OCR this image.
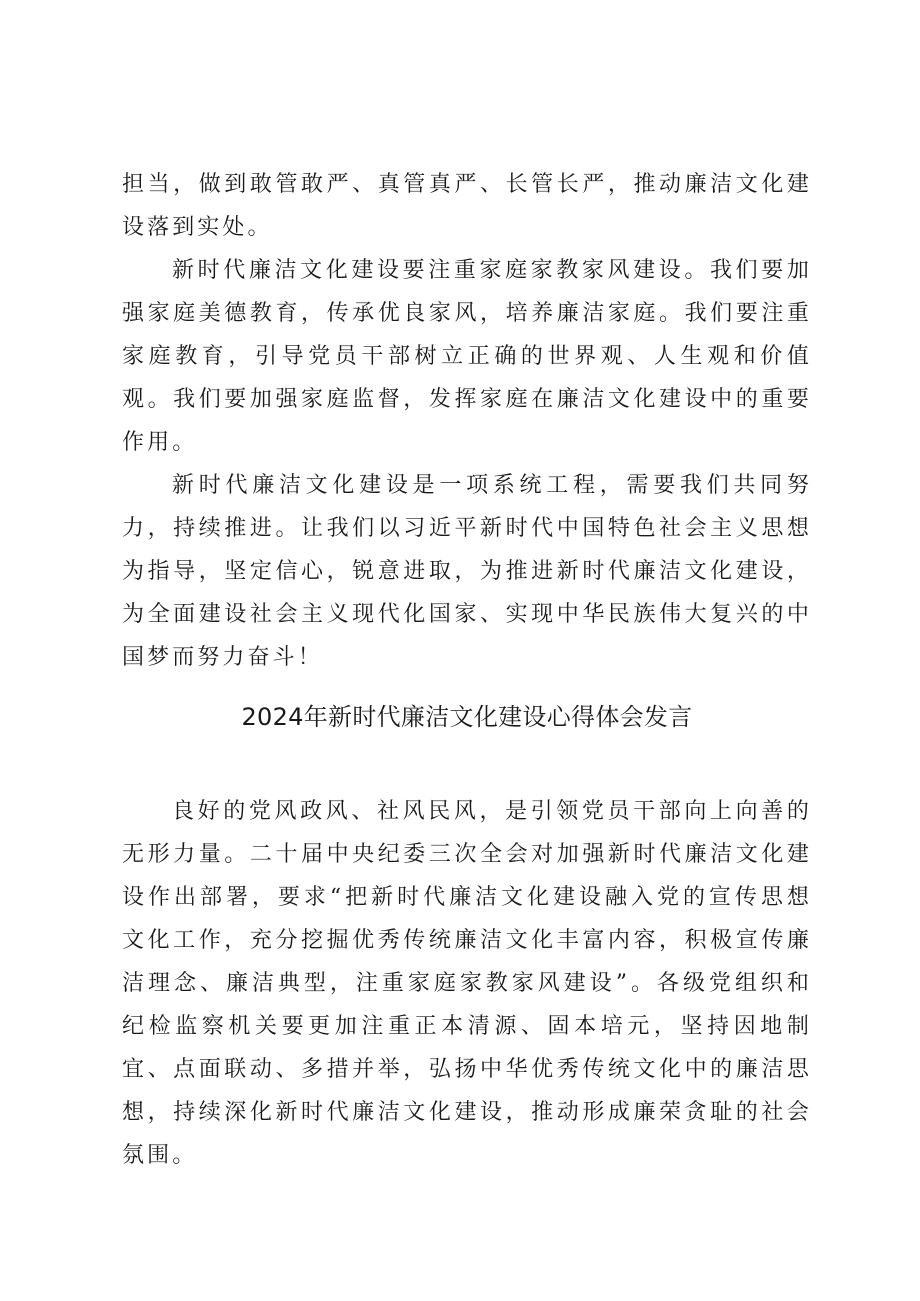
担当，做到敢管敢严、真管真严、长管长严，推动廉洁文化建设落到实处。

新时代廉洁文化建设要注重家庭家教家风建设。我们要加强家庭美德教育，传承优良家风，培养廉洁家庭。我们要注重家庭教育，引导党员干部树立正确的世界观、人生观和价值观。我们要加强家庭监督，发挥家庭在廉洁文化建设中的重要作用。

新时代廉洁文化建设是一项系统工程，需要我们共同努力，持续推进。让我们以习近平新时代中国特色社会主义思想为指导，坚定信心，锐意进取，为推进新时代廉洁文化建设，为全面建设社会主义现代化国家、实现中华民族伟大复兴的中国梦而努力奋斗！

2024年新时代廉洁文化建设心得体会发言

良好的党风政风、社风民风，是引领党员干部向上向善的无形力量。二十届中央纪委三次全会对加强新时代廉洁文化建设作出部署，要求“把新时代廉洁文化建设融入党的宣传思想文化工作，充分挖掘优秀传统廉洁文化丰富内容，积极宣传廉洁理念、廉洁典型，注重家庭家教家风建设”。各级党组织和纪检监察机关要更加注重正本清源、固本培元，坚持因地制宜、点面联动、多措并举，弘扬中华优秀传统文化中的廉洁思想，持续深化新时代廉洁文化建设，推动形成廉荣贪耻的社会氛围。
